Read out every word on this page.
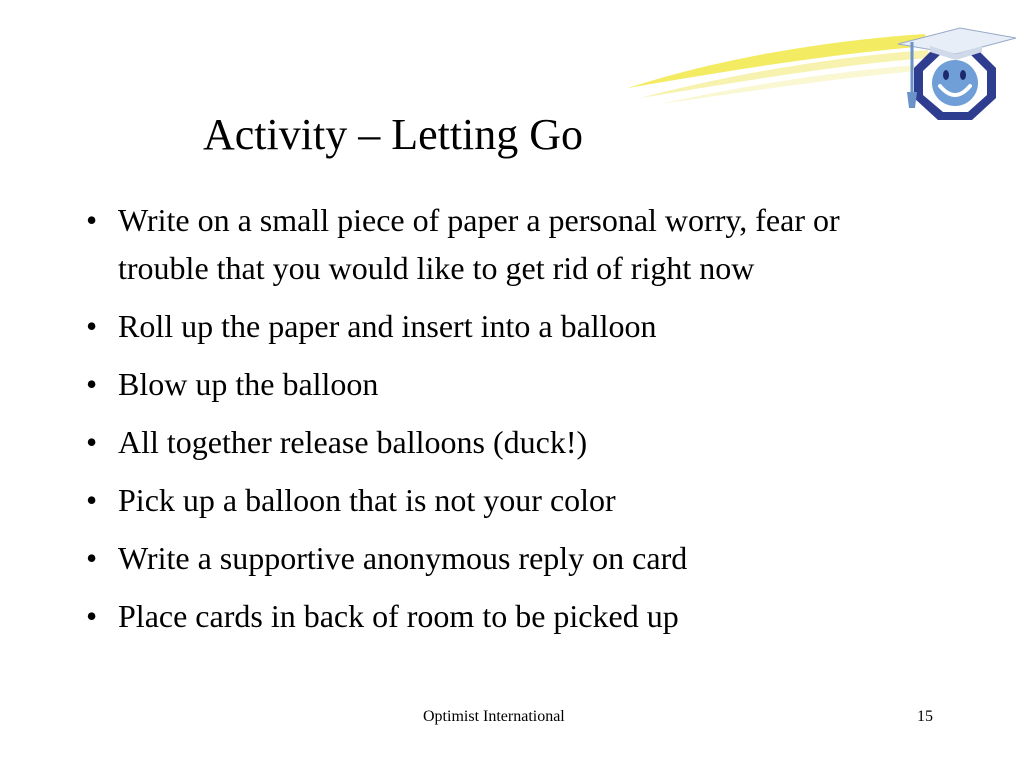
Activity – Letting Go
• Write on a small piece of paper a personal worry, fear or trouble that you would like to get rid of right now
• Roll up the paper and insert into a balloon
• Blow up the balloon
• All together release balloons (duck!)
• Pick up a balloon that is not your color
• Write a supportive anonymous reply on card
• Place cards in back of room to be picked up
Optimist International	15
